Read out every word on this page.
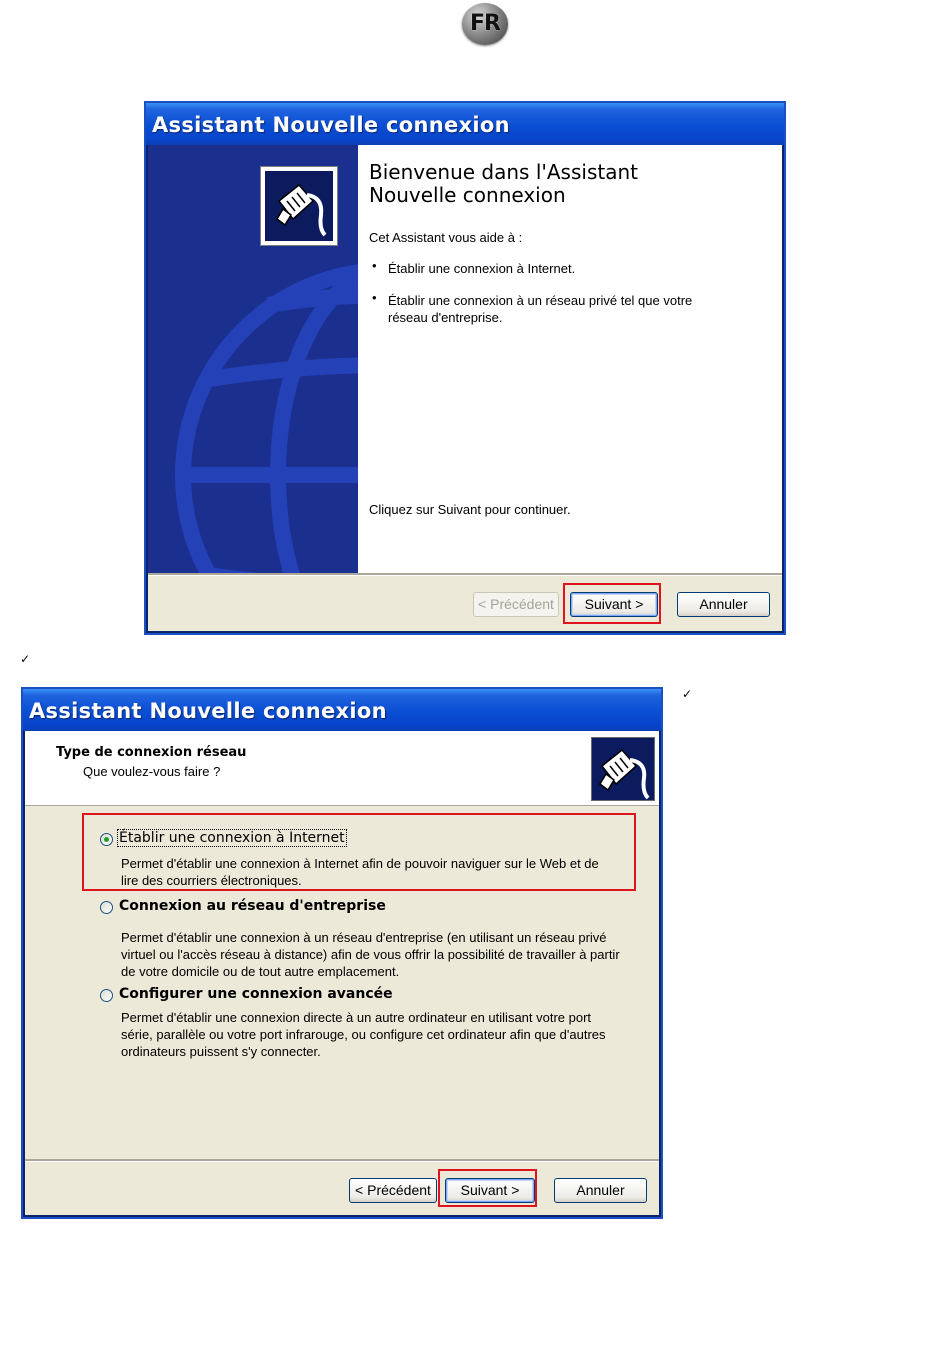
FR
✓
✓
Assistant Nouvelle connexion
Bienvenue dans l'Assistant
Nouvelle connexion
Cet Assistant vous aide à :
• Établir une connexion à Internet.
• Établir une connexion à un réseau privé tel que votre
réseau d'entreprise.
Cliquez sur Suivant pour continuer.
< Précédent	Suivant >	Annuler
Assistant Nouvelle connexion
Type de connexion réseau
Que voulez-vous faire ?
Établir une connexion à Internet
Permet d'établir une connexion à Internet afin de pouvoir naviguer sur le Web et de
lire des courriers électroniques.
Connexion au réseau d'entreprise
Permet d'établir une connexion à un réseau d'entreprise (en utilisant un réseau privé
virtuel ou l'accès réseau à distance) afin de vous offrir la possibilité de travailler à partir
de votre domicile ou de tout autre emplacement.
Configurer une connexion avancée
Permet d'établir une connexion directe à un autre ordinateur en utilisant votre port
série, parallèle ou votre port infrarouge, ou configure cet ordinateur afin que d'autres
ordinateurs puissent s'y connecter.
< Précédent	Suivant >	Annuler
